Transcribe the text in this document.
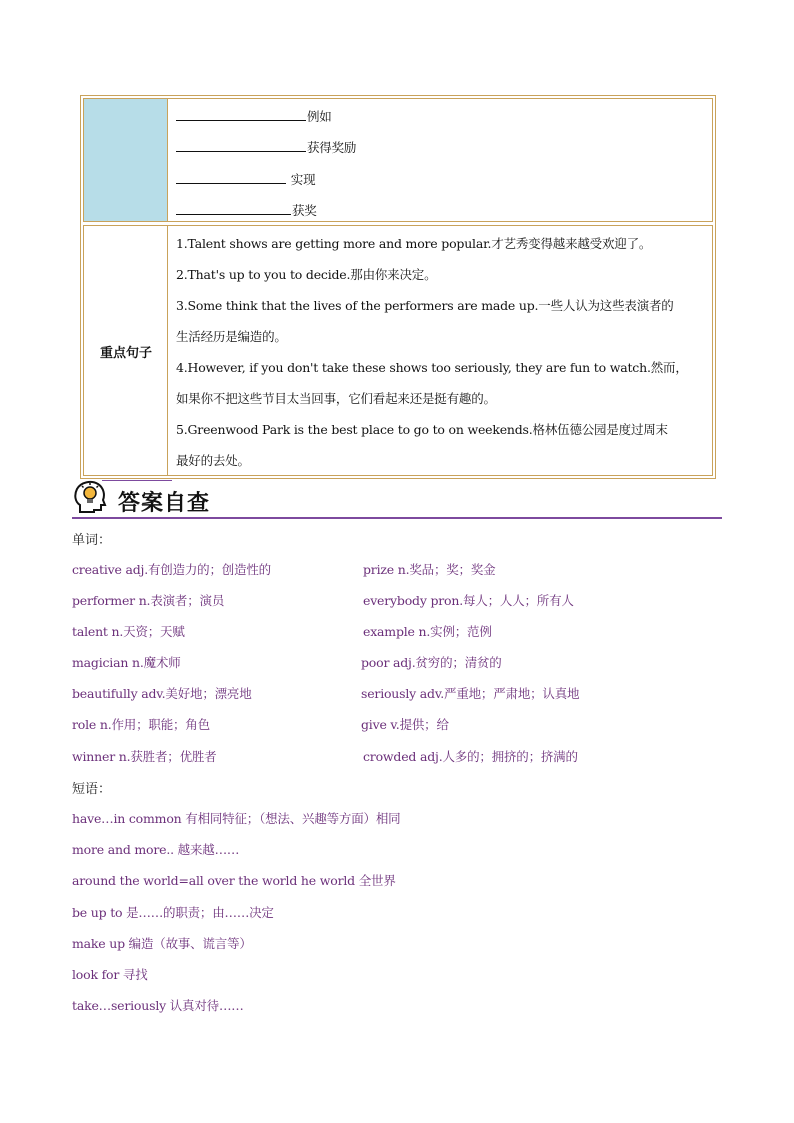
例如
获得奖励
实现
获奖
重点句子
1.Talent shows are getting more and more popular.才艺秀变得越来越受欢迎了。
2.That's up to you to decide.那由你来决定。
3.Some think that the lives of the performers are made up.一些人认为这些表演者的
生活经历是编造的。
4.However, if you don't take these shows too seriously, they are fun to watch.然而，
如果你不把这些节目太当回事，它们看起来还是挺有趣的。
5.Greenwood Park is the best place to go to on weekends.格林伍德公园是度过周末
最好的去处。
答案自查
单词：
creative adj.有创造力的；创造性的
performer n.表演者；演员
talent n.天资；天赋
magician n.魔术师
beautifully adv.美好地；漂亮地
role n.作用；职能；角色
winner n.获胜者；优胜者
prize n.奖品；奖；奖金
everybody pron.每人；人人；所有人
example n.实例；范例
poor adj.贫穷的；清贫的
seriously adv.严重地；严肃地；认真地
give v.提供；给
crowded adj.人多的；拥挤的；挤满的
短语：
have…in common 有相同特征；（想法、兴趣等方面）相同
more and more.. 越来越……
around the world=all over the world he world 全世界
be up to 是……的职责；由……决定
make up 编造（故事、谎言等）
look for 寻找
take…seriously 认真对待……
